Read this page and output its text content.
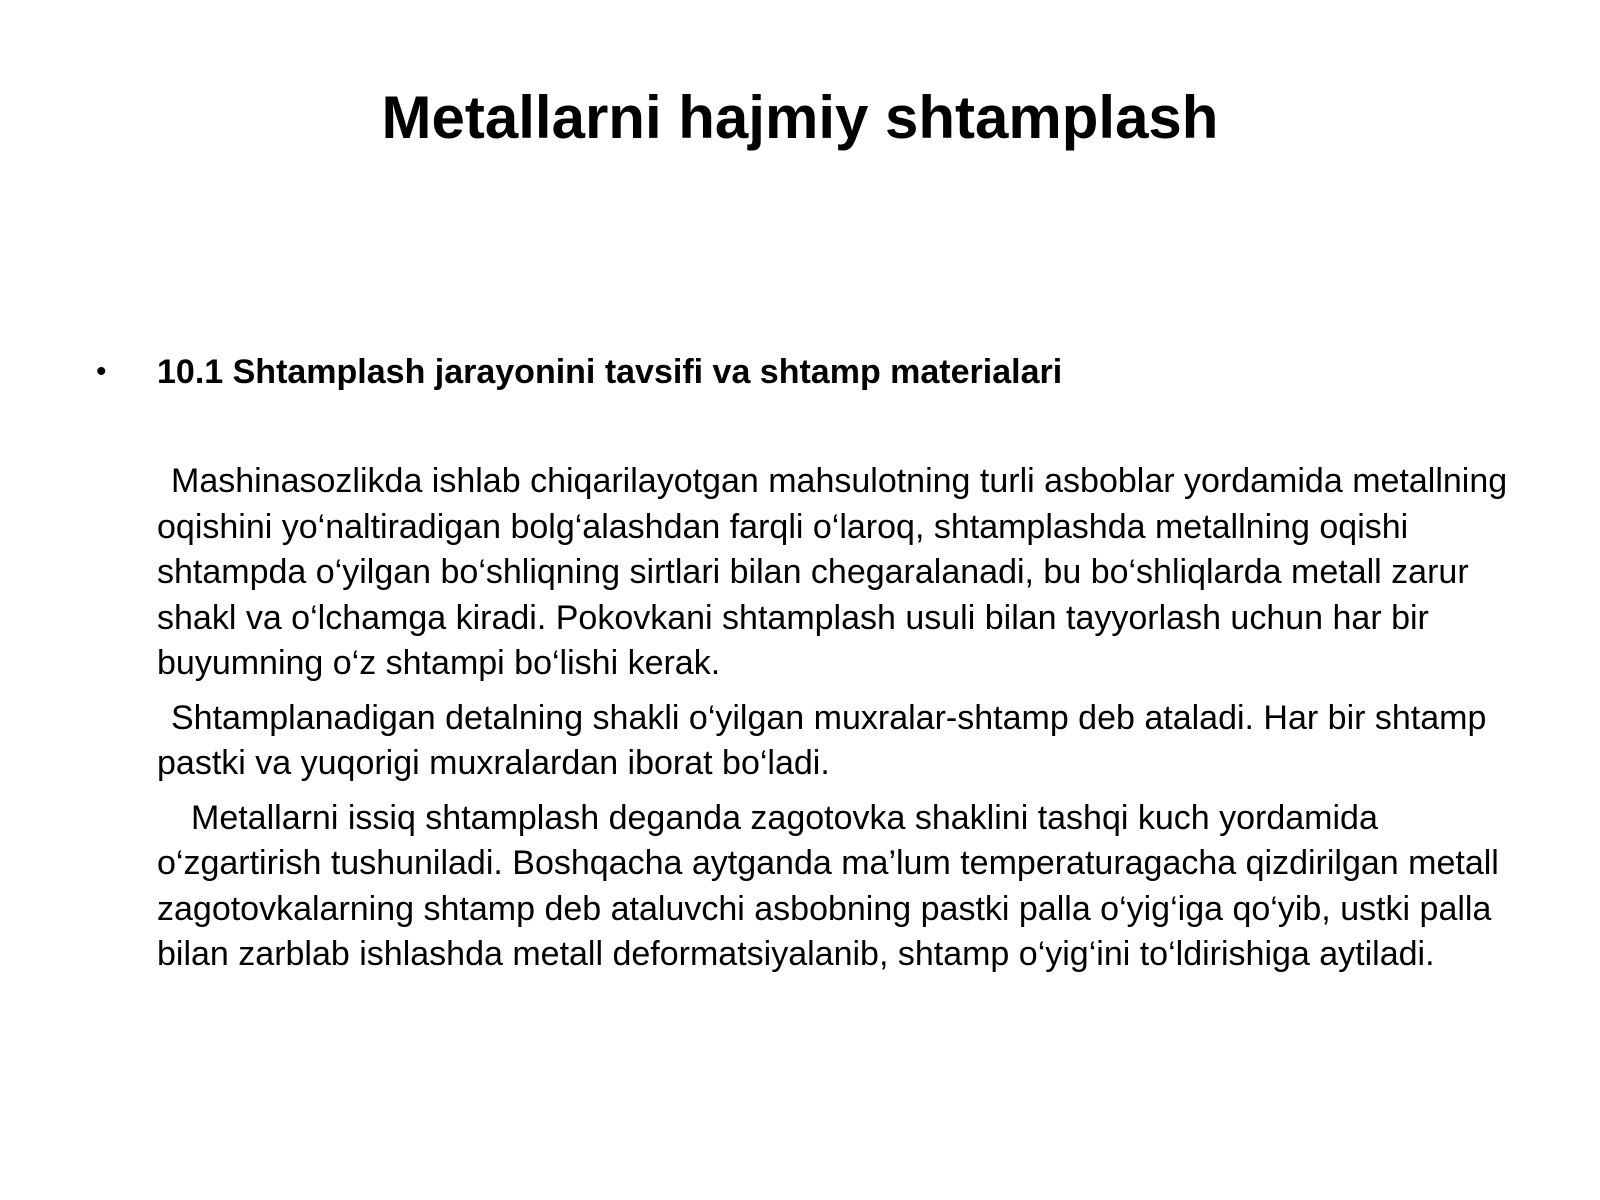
Metallarni hajmiy shtamplash
• 10.1 Shtamplash jarayonini tavsifi va shtamp materialari

Mashinasozlikda ishlab chiqarilayotgan mahsulotning turli asboblar yordamida metallning oqishini yo‘naltiradigan bolg‘alashdan farqli o‘laroq, shtamplashda metallning oqishi shtampda o‘yilgan bo‘shliqning sirtlari bilan chegaralanadi, bu bo‘shliqlarda metall zarur shakl va o‘lchamga kiradi. Pokovkani shtamplash usuli bilan tayyorlash uchun har bir buyumning o‘z shtampi bo‘lishi kerak.

Shtamplanadigan detalning shakli o‘yilgan muxralar-shtamp deb ataladi. Har bir shtamp pastki va yuqorigi muxralardan iborat bo‘ladi.

Metallarni issiq shtamplash deganda zagotovka shaklini tashqi kuch yordamida o‘zgartirish tushuniladi. Boshqacha aytganda ma’lum temperaturagacha qizdirilgan metall zagotovkalarning shtamp deb ataluvchi asbobning pastki palla o‘yig‘iga qo‘yib, ustki palla bilan zarblab ishlashda metall deformatsiyalanib, shtamp o‘yig‘ini to‘ldirishiga aytiladi.
